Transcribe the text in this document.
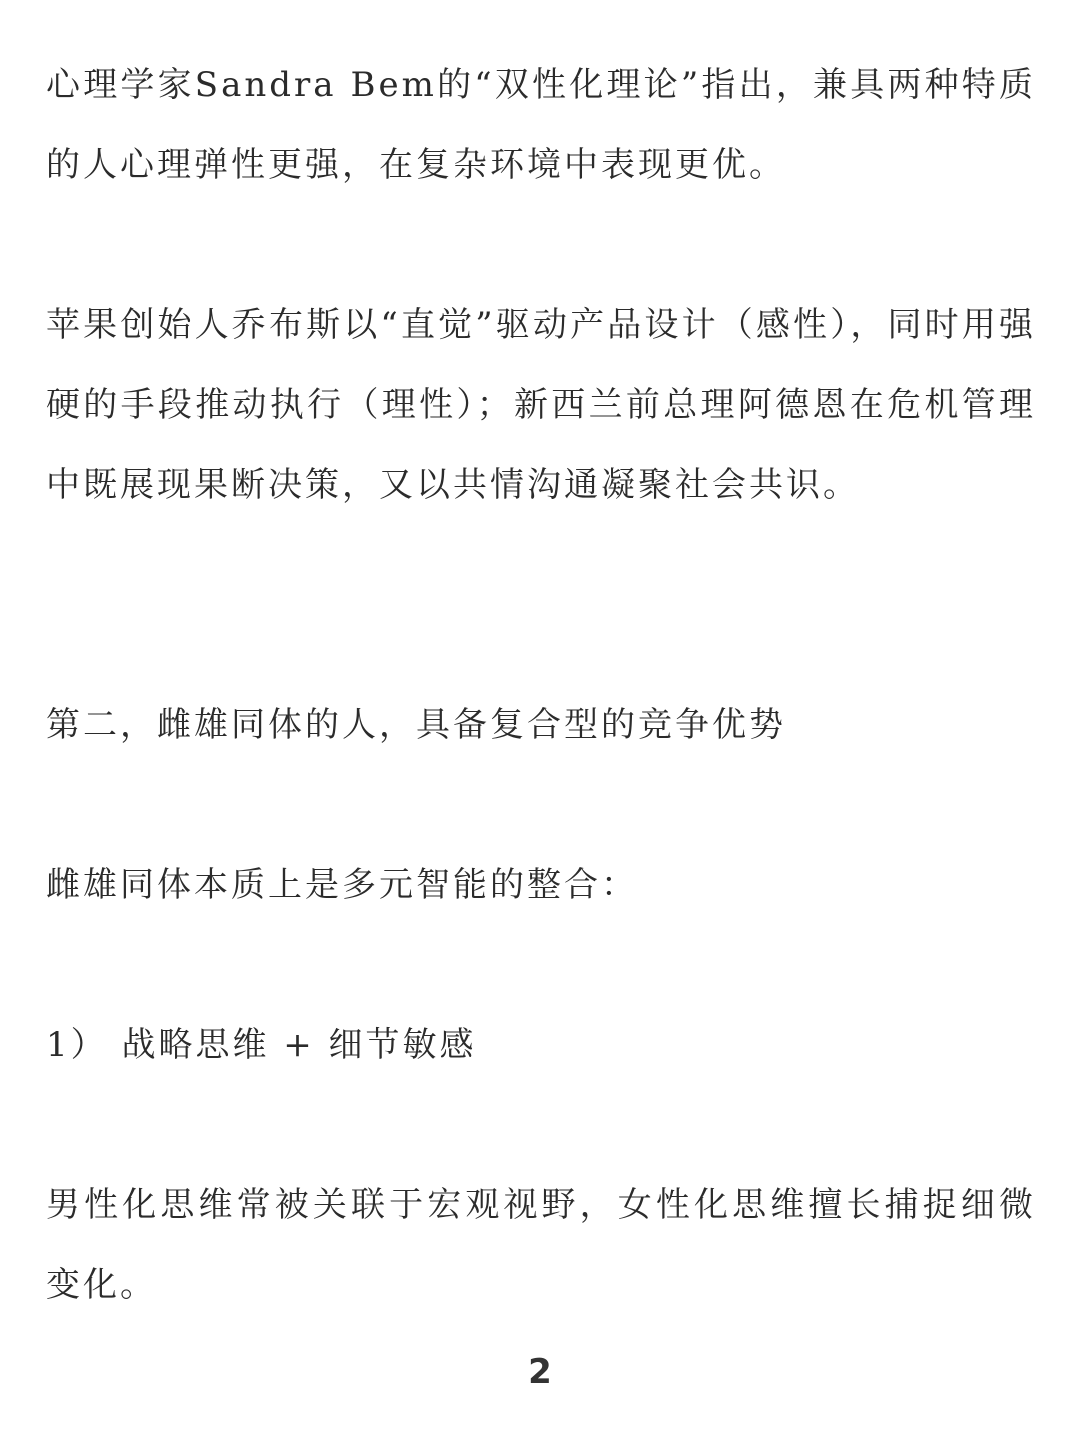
心理学家Sandra Bem的“双性化理论”指出，兼具两种特质的人心理弹性更强，在复杂环境中表现更优。

苹果创始人乔布斯以“直觉”驱动产品设计（感性），同时用强硬的手段推动执行（理性）；新西兰前总理阿德恩在危机管理中既展现果断决策，又以共情沟通凝聚社会共识。

第二，雌雄同体的人，具备复合型的竞争优势

雌雄同体本质上是多元智能的整合：

1） 战略思维 + 细节敏感

男性化思维常被关联于宏观视野，女性化思维擅长捕捉细微变化。

2
